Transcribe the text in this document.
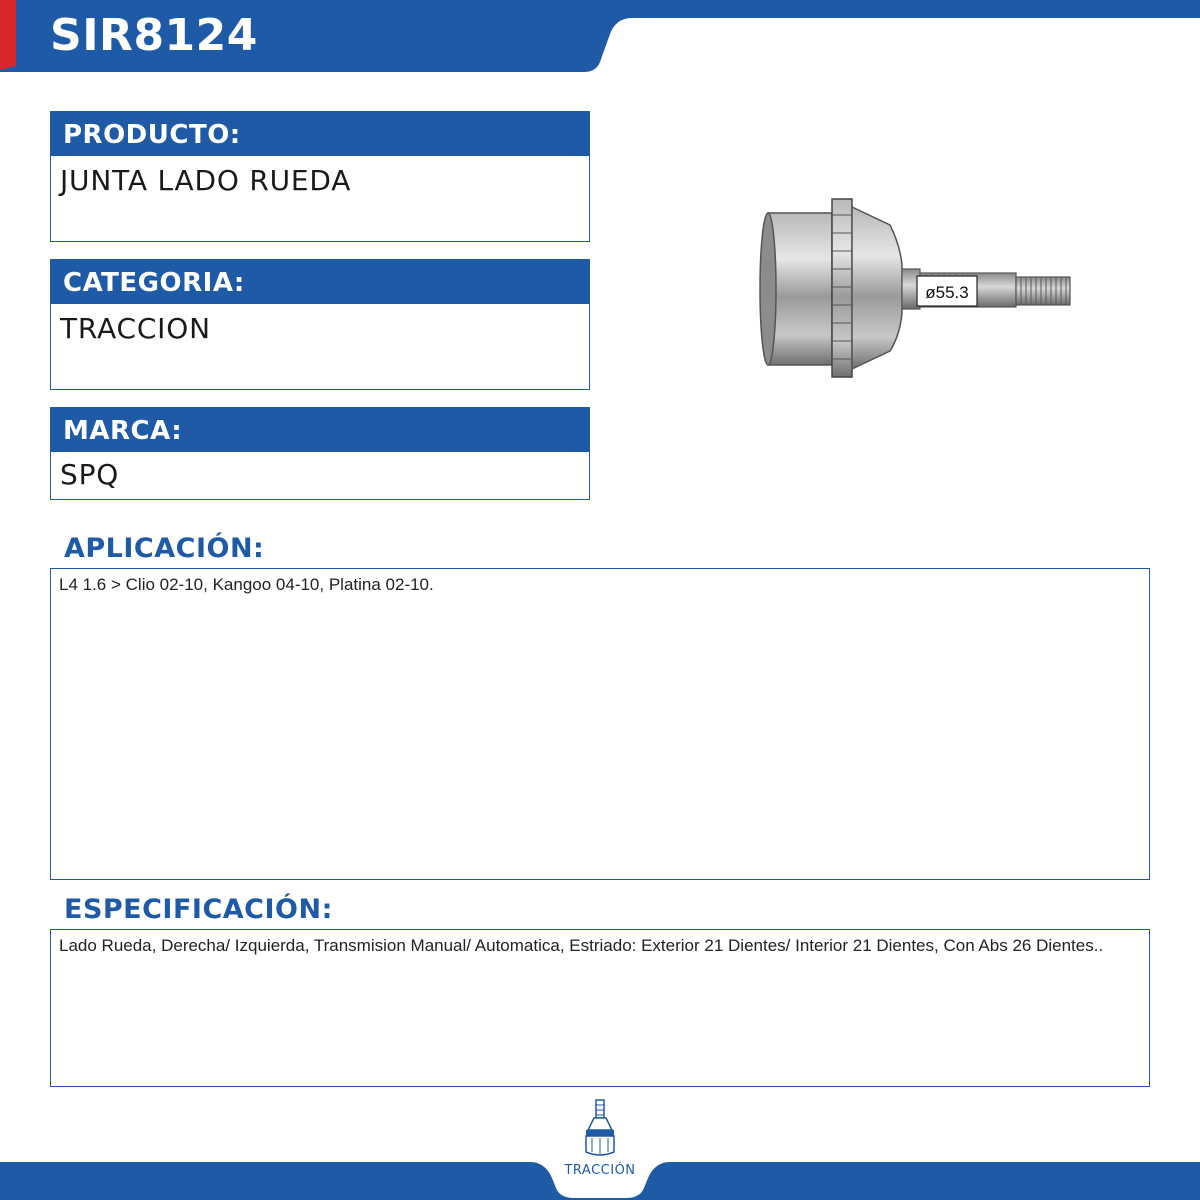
SIR8124
PRODUCTO:
JUNTA LADO RUEDA
CATEGORIA:
TRACCION
MARCA:
SPQ
ø55.3
APLICACIÓN:
L4 1.6 > Clio 02-10, Kangoo 04-10, Platina 02-10.
ESPECIFICACIÓN:
Lado Rueda, Derecha/ Izquierda, Transmision Manual/ Automatica, Estriado: Exterior 21 Dientes/ Interior 21 Dientes, Con Abs 26 Dientes..
TRACCIÓN
